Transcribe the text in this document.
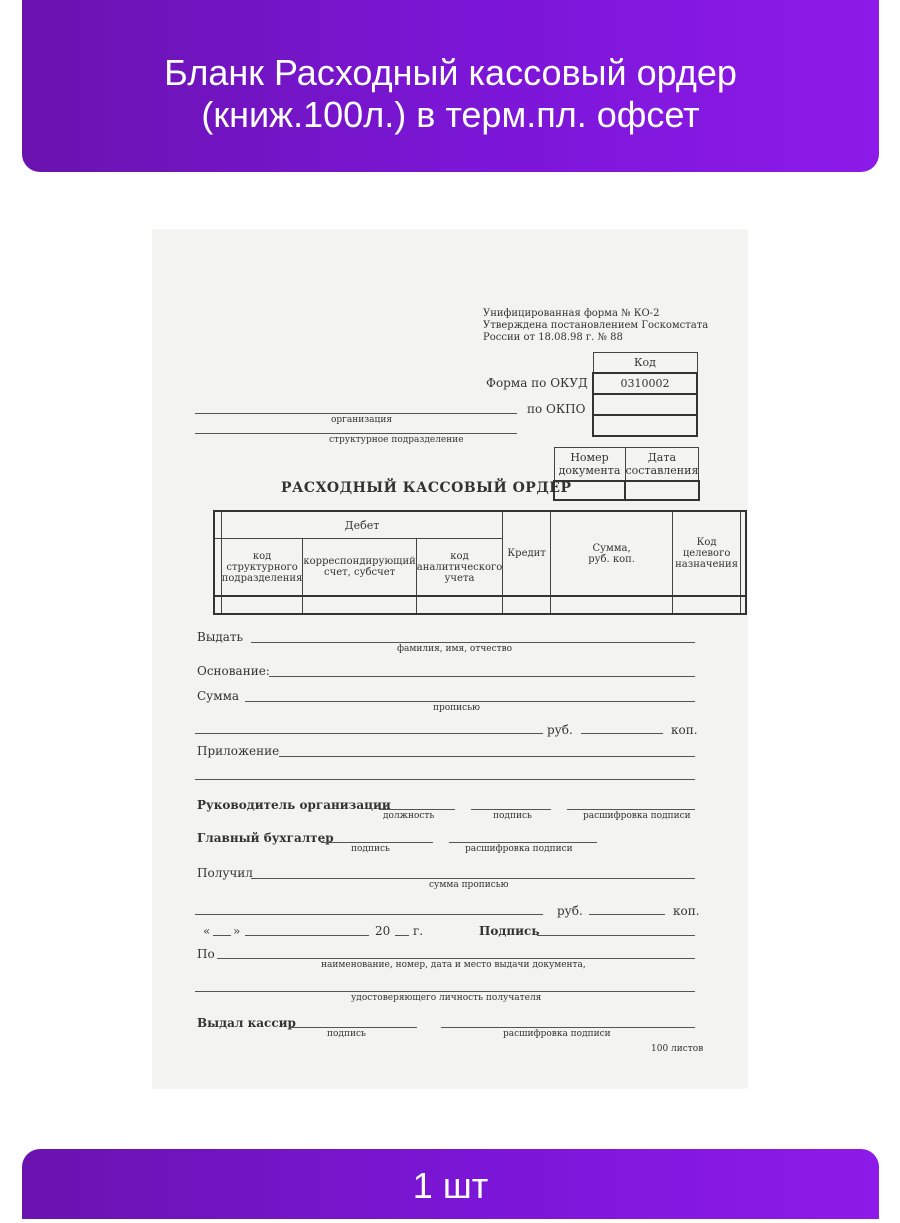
Бланк Расходный кассовый ордер
(книж.100л.) в терм.пл. офсет
Унифицированная форма № КО-2
Утверждена постановлением Госкомстата
России от 18.08.98 г. № 88
Код
0310002

Форма по ОКУД
по ОКПО
организация
структурное подразделение
Номер документа	Дата составления

РАСХОДНЫЙ КАССОВЫЙ ОРДЕР
	Дебет			Кредит	Сумма, руб. коп.	Код целевого назначения	
	код структурного подразделения	корреспондирующий счет, субсчет	код аналитического учета				

Выдать
фамилия, имя, отчество
Основание:
Сумма
прописью
руб.	коп.
Приложение
Руководитель организации
должность	подпись	расшифровка подписи
Главный бухгалтер
подпись	расшифровка подписи
Получил
сумма прописью
руб.	коп.
« »	20 г.	Подпись
По
наименование, номер, дата и место выдачи документа,
удостоверяющего личность получателя
Выдал кассир
подпись	расшифровка подписи
100 листов
1 шт
